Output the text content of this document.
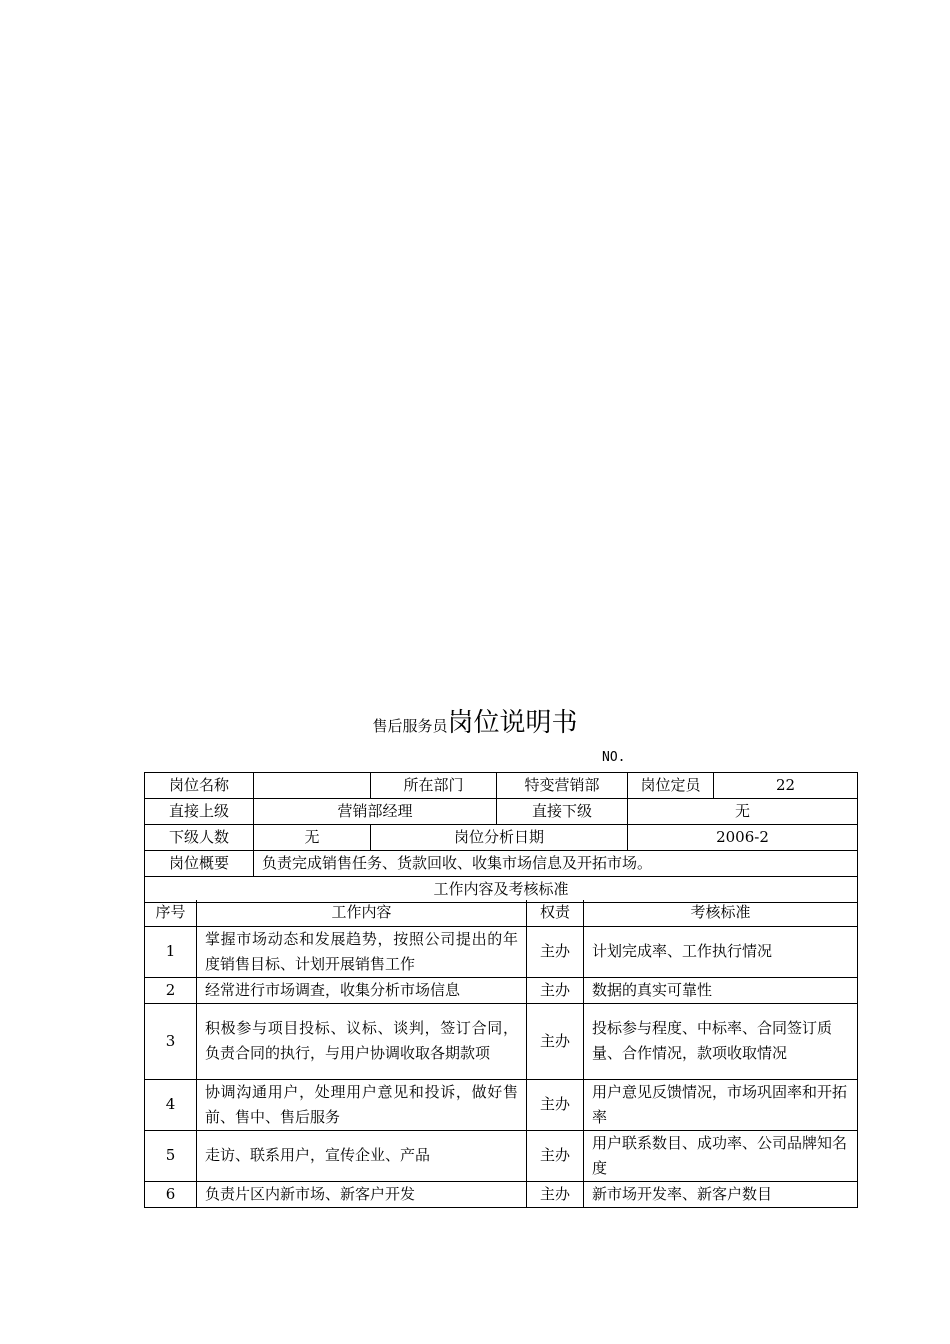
售后服务员岗位说明书
NO.
岗位名称		所在部门	特变营销部	岗位定员	22
直接上级	营销部经理		直接下级	无	
下级人数	无	岗位分析日期		2006-2	
岗位概要	负责完成销售任务、货款回收、收集市场信息及开拓市场。				
工作内容及考核标准					
序号	工作内容	权责	考核标准
1	掌握市场动态和发展趋势，按照公司提出的年度销售目标、计划开展销售工作	主办	计划完成率、工作执行情况
2	经常进行市场调查，收集分析市场信息	主办	数据的真实可靠性
3	积极参与项目投标、议标、谈判，签订合同，负责合同的执行，与用户协调收取各期款项	主办	投标参与程度、中标率、合同签订质量、合作情况，款项收取情况
4	协调沟通用户，处理用户意见和投诉，做好售前、售中、售后服务	主办	用户意见反馈情况，市场巩固率和开拓率
5	走访、联系用户，宣传企业、产品	主办	用户联系数目、成功率、公司品牌知名度
6	负责片区内新市场、新客户开发	主办	新市场开发率、新客户数目
